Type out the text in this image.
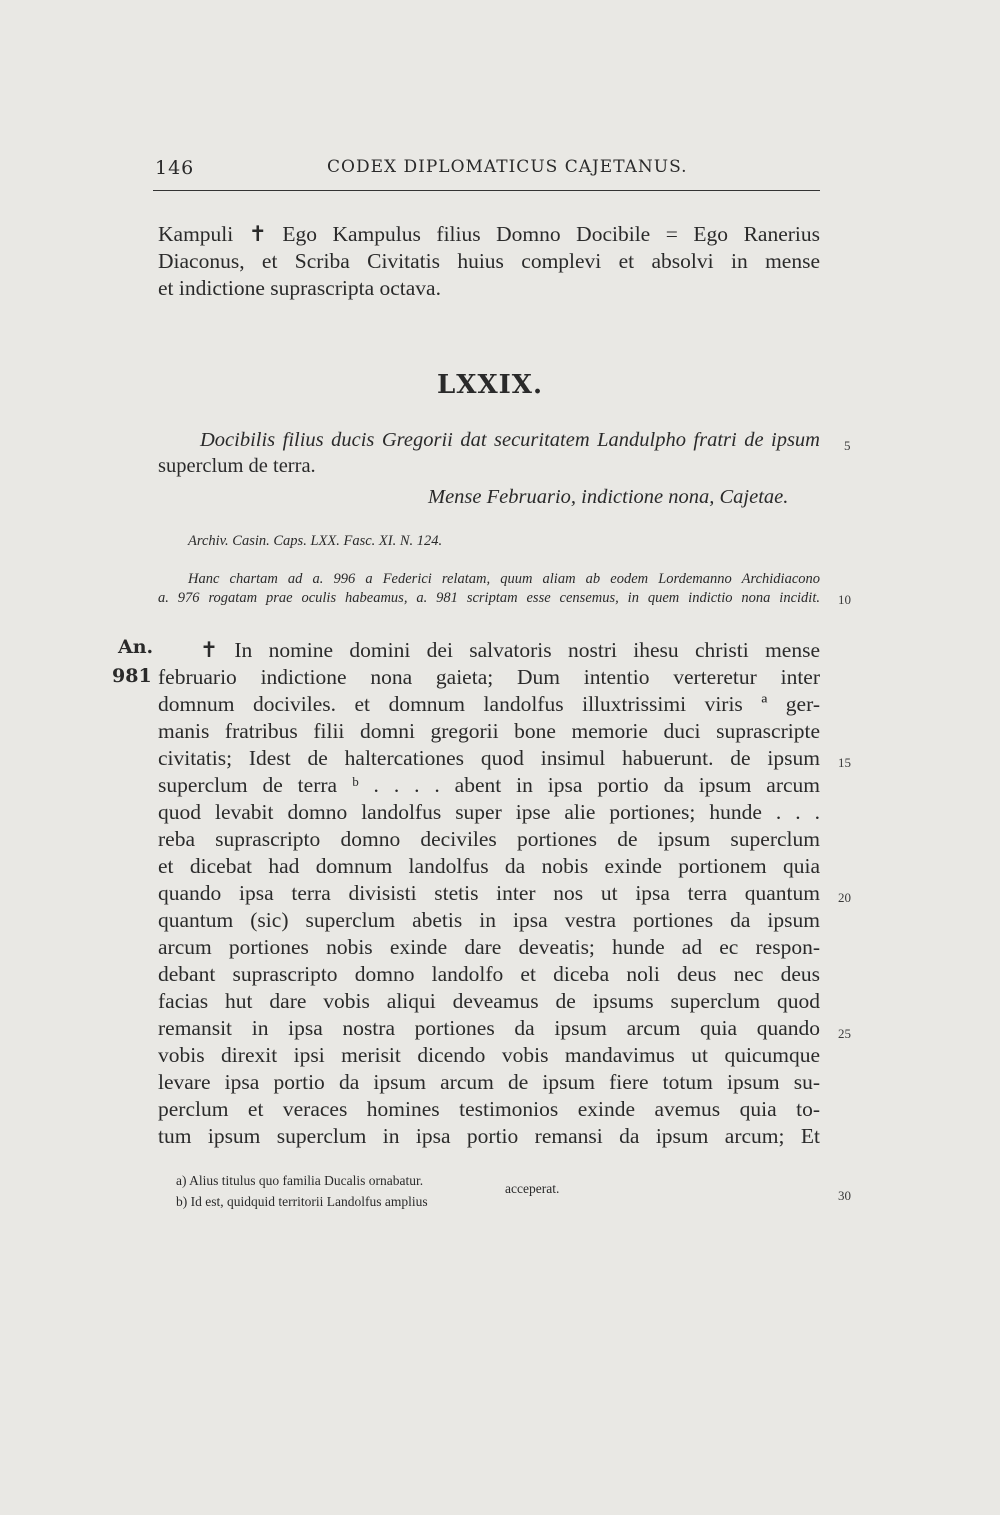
146	CODEX DIPLOMATICUS CAJETANUS.
Kampuli ✝ Ego Kampulus filius Domno Docibile = Ego Ranerius
Diaconus, et Scriba Civitatis huius complevi et absolvi in mense
et indictione suprascripta octava.
LXXIX.
Docibilis filius ducis Gregorii dat securitatem Landulpho fratri de ipsum
superclum de terra.
Mense Februario, indictione nona, Cajetae.
Archiv. Casin. Caps. LXX. Fasc. XI. N. 124.
Hanc chartam ad a. 996 a Federici relatam, quum aliam ab eodem Lordemanno Archidiacono
a. 976 rogatam prae oculis habeamus, a. 981 scriptam esse censemus, in quem indictio nona incidit.
An.
981
✝ In nomine domini dei salvatoris nostri ihesu christi mense
februario indictione nona gaieta; Dum intentio verteretur inter
domnum dociviles. et domnum landolfus illuxtrissimi viris ª ger-
manis fratribus filii domni gregorii bone memorie duci suprascripte
civitatis; Idest de haltercationes quod insimul habuerunt. de ipsum
superclum de terra ᵇ . . . . abent in ipsa portio da ipsum arcum
quod levabit domno landolfus super ipse alie portiones; hunde . . .
reba suprascripto domno deciviles portiones de ipsum superclum
et dicebat had domnum landolfus da nobis exinde portionem quia
quando ipsa terra divisisti stetis inter nos ut ipsa terra quantum
quantum (sic) superclum abetis in ipsa vestra portiones da ipsum
arcum portiones nobis exinde dare deveatis; hunde ad ec respon-
debant suprascripto domno landolfo et diceba noli deus nec deus
facias hut dare vobis aliqui deveamus de ipsums superclum quod
remansit in ipsa nostra portiones da ipsum arcum quia quando
vobis direxit ipsi merisit dicendo vobis mandavimus ut quicumque
levare ipsa portio da ipsum arcum de ipsum fiere totum ipsum su-
perclum et veraces homines testimonios exinde avemus quia to-
tum ipsum superclum in ipsa portio remansi da ipsum arcum; Et
5
10
15
20
25
30
a) Alius titulus quo familia Ducalis ornabatur.
b) Id est, quidquid territorii Landolfus amplius
acceperat.
